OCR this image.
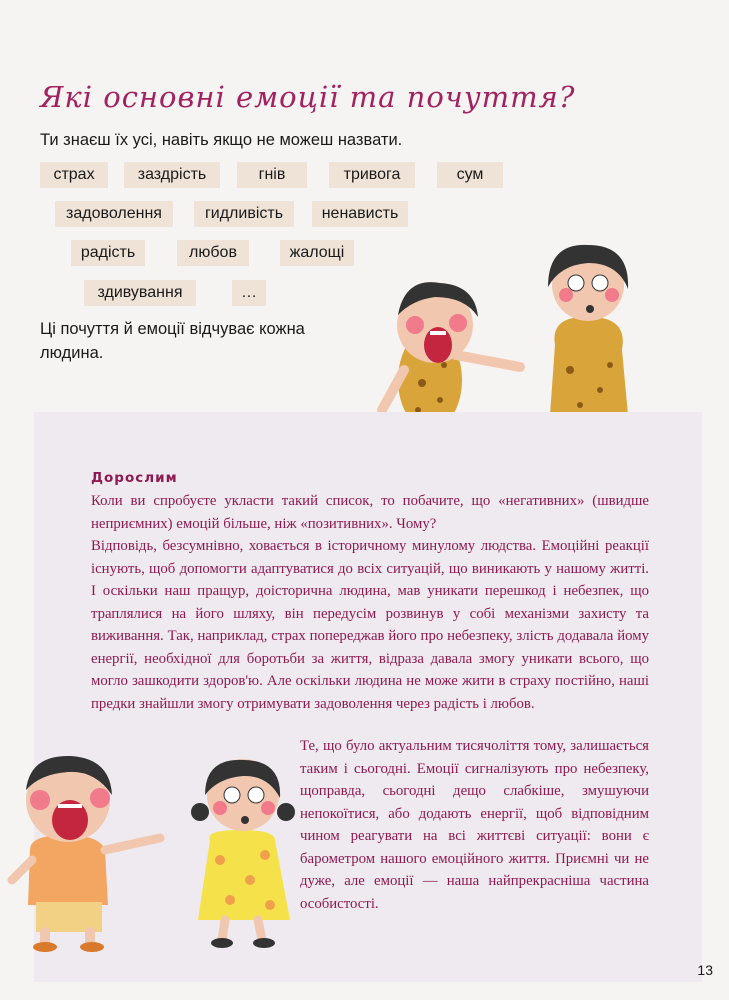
Які основні емоції та почуття?

Ти знаєш їх усі, навіть якщо не можеш назвати.

страх	заздрість	гнів	тривога	сум
задоволення	гидливість	ненависть
радість	любов	жалощі
здивування	…

Ці почуття й емоції відчуває кожна людина.

Дорослим

Коли ви спробуєте укласти такий список, то побачите, що «негативних» (швидше неприємних) емоцій більше, ніж «позитивних». Чому?

Відповідь, безсумнівно, ховається в історичному минулому людства. Емоційні реакції існують, щоб допомогти адаптуватися до всіх ситуацій, що виникають у нашому житті. І оскільки наш пращур, доісторична людина, мав уникати перешкод і небезпек, що траплялися на його шляху, він передусім розвинув у собі механізми захисту та виживання. Так, наприклад, страх попереджав його про небезпеку, злість додавала йому енергії, необхідної для боротьби за життя, відраза давала змогу уникати всього, що могло зашкодити здоров'ю. Але оскільки людина не може жити в страху постійно, наші предки знайшли змогу отримувати задоволення через радість і любов.

Те, що було актуальним тисячоліття тому, залишається таким і сьогодні. Емоції сигналізують про небезпеку, щоправда, сьогодні дещо слабкіше, змушуючи непокоїтися, або додають енергії, щоб відповідним чином реагувати на всі життєві ситуації: вони є барометром нашого емоційного життя. Приємні чи не дуже, але емоції — наша найпрекрасніша частина особистості.

13
